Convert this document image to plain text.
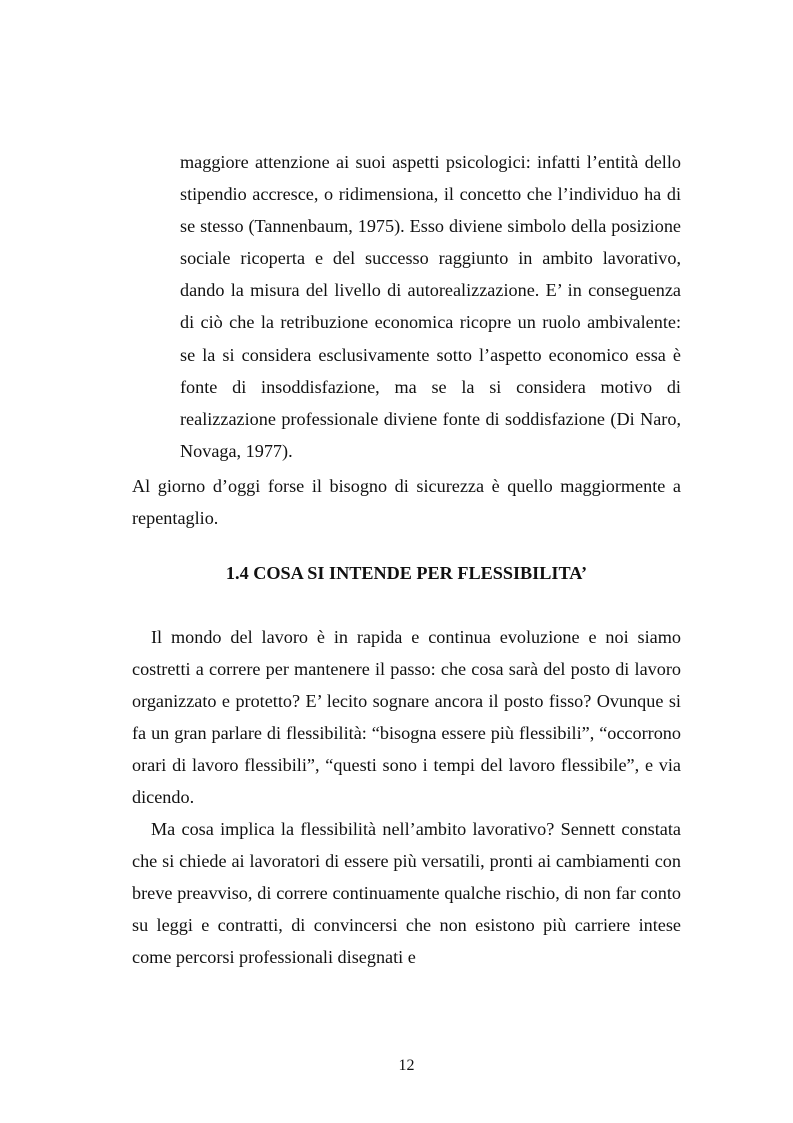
maggiore attenzione ai suoi aspetti psicologici: infatti l’entità dello stipendio accresce, o ridimensiona, il concetto che l’individuo ha di se stesso (Tannenbaum, 1975). Esso diviene simbolo della posizione sociale ricoperta e del successo raggiunto in ambito lavorativo, dando la misura del livello di autorealizzazione. E’ in conseguenza di ciò che la retribuzione economica ricopre un ruolo ambivalente: se la si considera esclusivamente sotto l’aspetto economico essa è fonte di insoddisfazione, ma se la si considera motivo di realizzazione professionale diviene fonte di soddisfazione (Di Naro, Novaga, 1977).
Al giorno d’oggi forse il bisogno di sicurezza è quello maggiormente a repentaglio.
1.4 COSA SI INTENDE PER FLESSIBILITA’
Il mondo del lavoro è in rapida e continua evoluzione e noi siamo costretti a correre per mantenere il passo: che cosa sarà del posto di lavoro organizzato e protetto? E’ lecito sognare ancora il posto fisso? Ovunque si fa un gran parlare di flessibilità: “bisogna essere più flessibili”, “occorrono orari di lavoro flessibili”, “questi sono i tempi del lavoro flessibile”, e via dicendo.
Ma cosa implica la flessibilità nell’ambito lavorativo? Sennett constata che si chiede ai lavoratori di essere più versatili, pronti ai cambiamenti con breve preavviso, di correre continuamente qualche rischio, di non far conto su leggi e contratti, di convincersi che non esistono più carriere intese come percorsi professionali disegnati e
12
